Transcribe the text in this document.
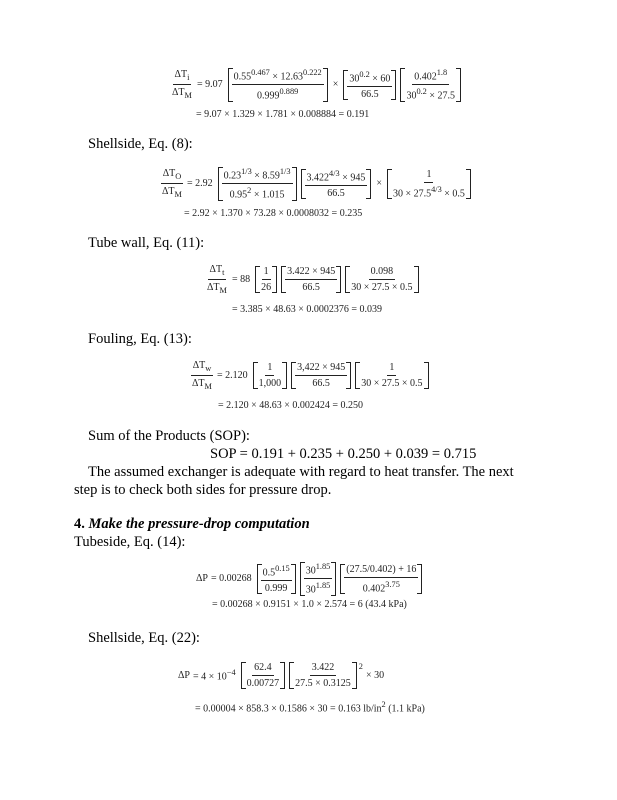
$\Delta T_i$
$\Delta T_M$
= 9.07
$0.55^{0.467} \times 12.63^{0.222}$
$0.999^{0.889}$
×
$30^{0.2} \times 60$
66.5
$0.402^{1.8}$
$30^{0.2} \times 27.5$
= 9.07 × 1.329 × 1.781 × 0.008884 = 0.191
Shellside, Eq. (8):
$\Delta T_O$
$\Delta T_M$
= 2.92
$0.23^{1/3} \times 8.59^{1/3}$
$0.95^2 \times 1.015$
$3.422^{4/3} \times 945$
66.5
×
1
$30 \times 27.5^{4/3} \times 0.5$
= 2.92 × 1.370 × 73.28 × 0.0008032 = 0.235
Tube wall, Eq. (11):
$\Delta T_t$
$\Delta T_M$
= 88
1
26
3.422 × 945
66.5
0.098
30 × 27.5 × 0.5
= 3.385 × 48.63 × 0.0002376 = 0.039
Fouling, Eq. (13):
$\Delta T_w$
$\Delta T_M$
= 2.120
1
1,000
3,422 × 945
66.5
1
30 × 27.5 × 0.5
= 2.120 × 48.63 × 0.002424 = 0.250
Sum of the Products (SOP):
SOP = 0.191 + 0.235 + 0.250 + 0.039 = 0.715
The assumed exchanger is adequate with regard to heat transfer. The next
step is to check both sides for pressure drop.
4. Make the pressure-drop computation
Tubeside, Eq. (14):
ΔP = 0.00268
$0.5^{0.15}$
0.999
$30^{1.85}$
$30^{1.85}$
(27.5/0.402) + 16
$0.402^{3.75}$
= 0.00268 × 0.9151 × 1.0 × 2.574 = 6 (43.4 kPa)
Shellside, Eq. (22):
$\Delta P = 4 \times 10^{-4}$	62.4
0.00727
3.422
27.5 × 0.3125
$^2$
× 30
= 0.00004 × 858.3 × 0.1586 × 30 = 0.163 $lb/in^2$ (1.1 kPa)
